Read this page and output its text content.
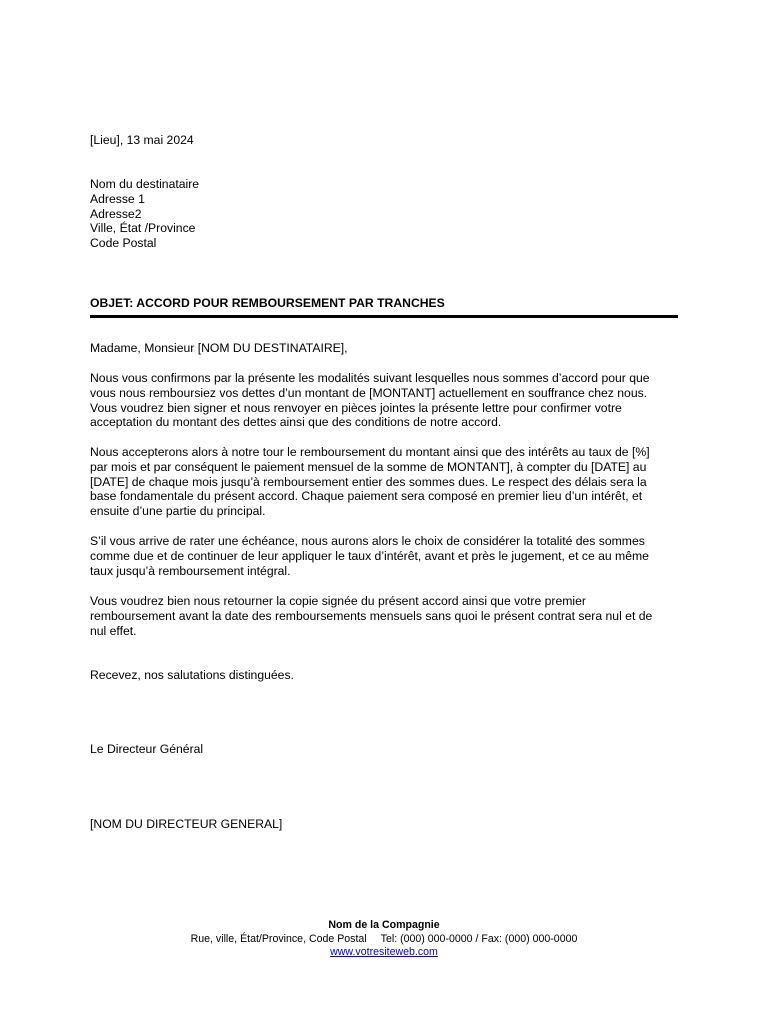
[Lieu], 13 mai 2024
Nom du destinataire
Adresse 1
Adresse2
Ville, État /Province
Code Postal
OBJET: ACCORD POUR REMBOURSEMENT PAR TRANCHES
Madame, Monsieur [NOM DU DESTINATAIRE],
Nous vous confirmons par la présente les modalités suivant lesquelles nous sommes d’accord pour que
vous nous remboursiez vos dettes d’un montant de [MONTANT] actuellement en souffrance chez nous.
Vous voudrez bien signer et nous renvoyer en pièces jointes la présente lettre pour confirmer votre
acceptation du montant des dettes ainsi que des conditions de notre accord.
Nous accepterons alors à notre tour le remboursement du montant ainsi que des intérêts au taux de [%]
par mois et par conséquent le paiement mensuel de la somme de MONTANT], à compter du [DATE] au
[DATE] de chaque mois jusqu’à remboursement entier des sommes dues. Le respect des délais sera la
base fondamentale du présent accord. Chaque paiement sera composé en premier lieu d’un intérêt, et
ensuite d’une partie du principal.
S’il vous arrive de rater une échéance, nous aurons alors le choix de considérer la totalité des sommes
comme due et de continuer de leur appliquer le taux d’intérêt, avant et près le jugement, et ce au même
taux jusqu’à remboursement intégral.
Vous voudrez bien nous retourner la copie signée du présent accord ainsi que votre premier
remboursement avant la date des remboursements mensuels sans quoi le présent contrat sera nul et de
nul effet.
Recevez, nos salutations distinguées.
Le Directeur Général
[NOM DU DIRECTEUR GENERAL]
Nom de la Compagnie
Rue, ville, État/Province, Code Postal Tel: (000) 000-0000 / Fax: (000) 000-0000
www.votresiteweb.com
